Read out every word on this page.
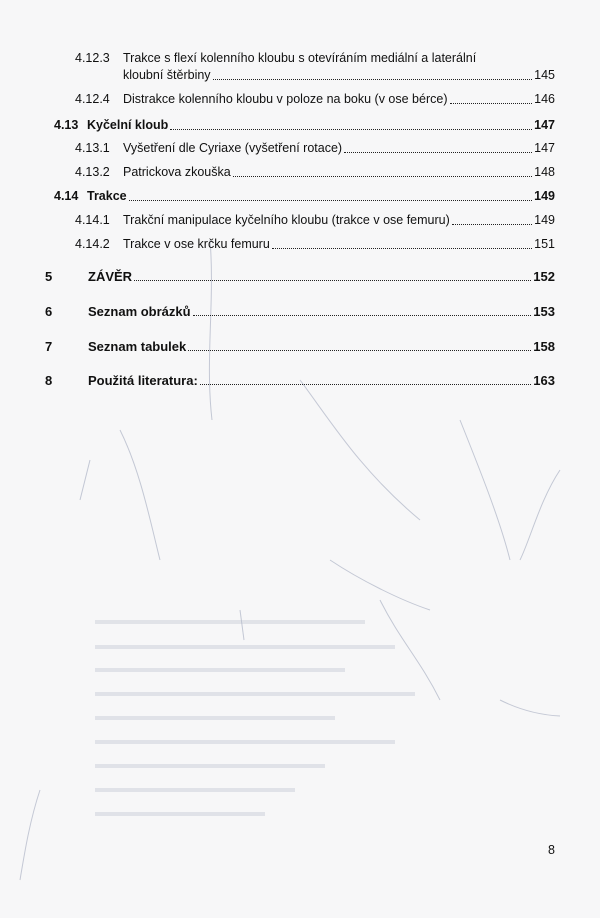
4.12.3	Trakce s flexí kolenního kloubu s otevíráním mediální a laterální
kloubní štěrbiny	145
4.12.4	Distrakce kolenního kloubu v poloze na boku (v ose bérce)	146
4.13 Kyčelní kloub	147
4.13.1	Vyšetření dle Cyriaxe (vyšetření rotace)	147
4.13.2	Patrickova zkouška	148
4.14 Trakce	149
4.14.1	Trakční manipulace kyčelního kloubu (trakce v ose femuru)	149
4.14.2	Trakce v ose krčku femuru	151
5	ZÁVĚR	152
6	Seznam obrázků	153
7	Seznam tabulek	158
8	Použitá literatura:	163
8
